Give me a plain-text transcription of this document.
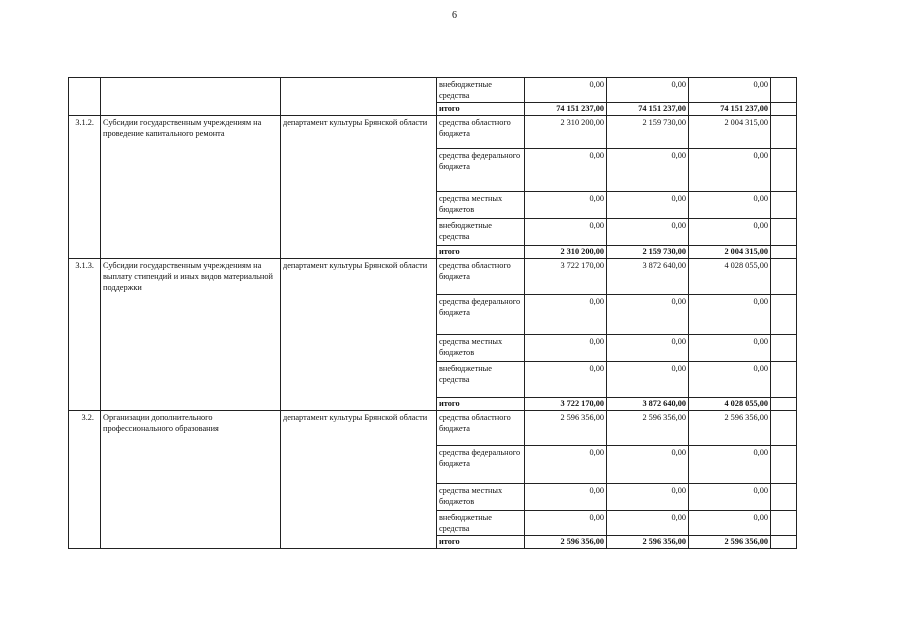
6
			внебюджетные средства	0,00	0,00	0,00	
			итого	74 151 237,00	74 151 237,00	74 151 237,00	
3.1.2.	Субсидии государственным учреждениям на проведение капитального ремонта	департамент культуры Брянской области	средства областного бюджета	2 310 200,00	2 159 730,00	2 004 315,00	
			средства федерального бюджета	0,00	0,00	0,00	
			средства местных бюджетов	0,00	0,00	0,00	
			внебюджетные средства	0,00	0,00	0,00	
			итого	2 310 200,00	2 159 730,00	2 004 315,00	
3.1.3.	Субсидии государственным учреждениям на выплату стипендий и иных видов материальной поддержки	департамент культуры Брянской области	средства областного бюджета	3 722 170,00	3 872 640,00	4 028 055,00	
			средства федерального бюджета	0,00	0,00	0,00	
			средства местных бюджетов	0,00	0,00	0,00	
			внебюджетные средства	0,00	0,00	0,00	
			итого	3 722 170,00	3 872 640,00	4 028 055,00	
3.2.	Организации дополнительного профессионального образования	департамент культуры Брянской области	средства областного бюджета	2 596 356,00	2 596 356,00	2 596 356,00	
			средства федерального бюджета	0,00	0,00	0,00	
			средства местных бюджетов	0,00	0,00	0,00	
			внебюджетные средства	0,00	0,00	0,00	
			итого	2 596 356,00	2 596 356,00	2 596 356,00	
